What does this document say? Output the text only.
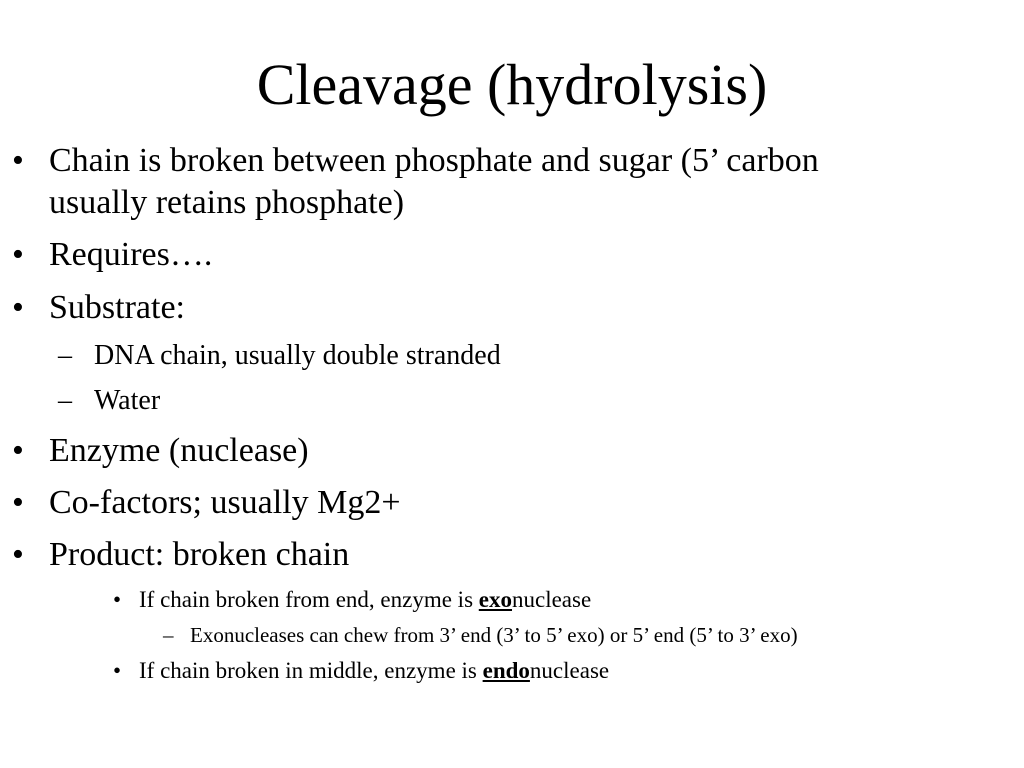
Cleavage (hydrolysis)
• Chain is broken between phosphate and sugar (5’ carbon
usually retains phosphate)
• Requires….
• Substrate:
– DNA chain, usually double stranded
– Water
• Enzyme (nuclease)
• Co-factors; usually Mg2+
• Product: broken chain
• If chain broken from end, enzyme is exonuclease
– Exonucleases can chew from 3’ end (3’ to 5’ exo) or 5’ end (5’ to 3’ exo)
• If chain broken in middle, enzyme is endonuclease
